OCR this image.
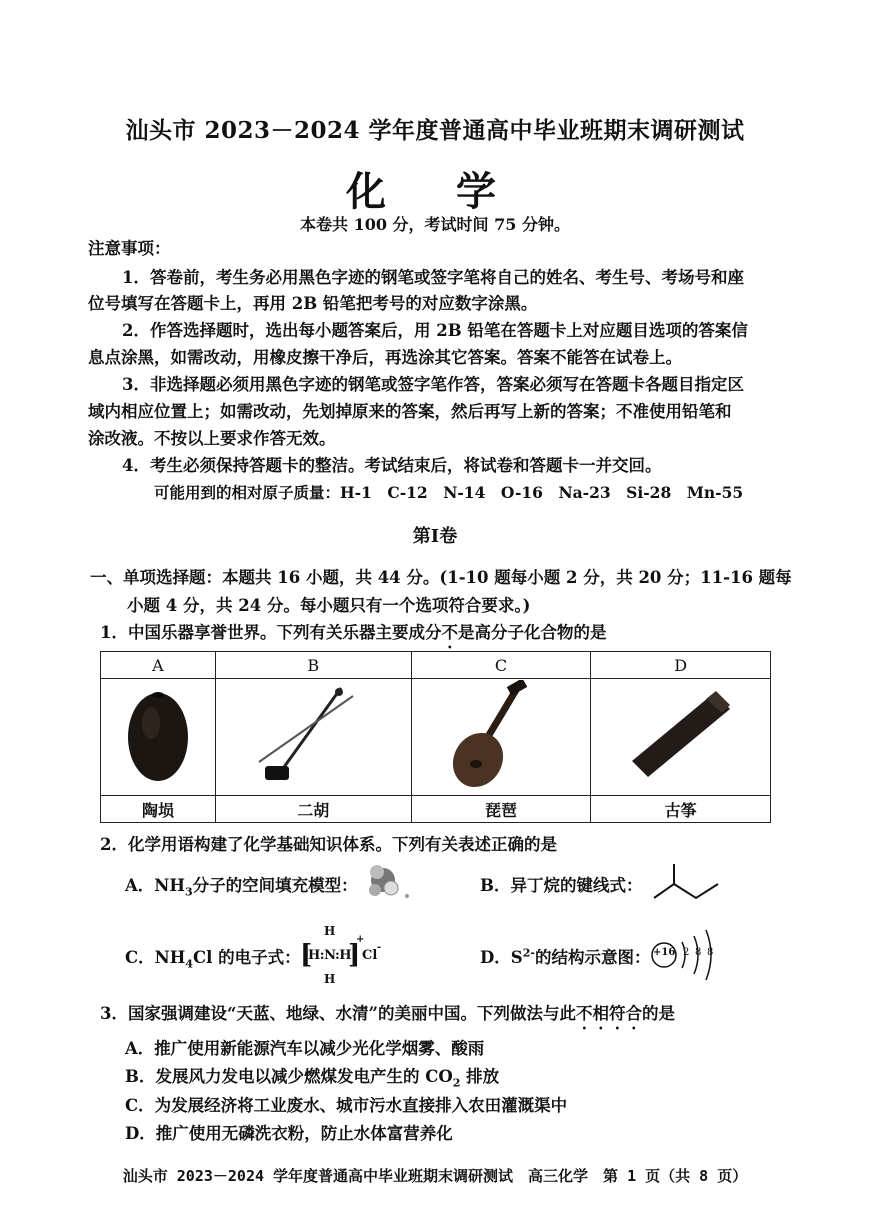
汕头市 2023－2024 学年度普通高中毕业班期末调研测试
化 学
本卷共 100 分，考试时间 75 分钟。
注意事项：
1．答卷前，考生务必用黑色字迹的钢笔或签字笔将自己的姓名、考生号、考场号和座
位号填写在答题卡上，再用 2B 铅笔把考号的对应数字涂黑。
2．作答选择题时，选出每小题答案后，用 2B 铅笔在答题卡上对应题目选项的答案信
息点涂黑，如需改动，用橡皮擦干净后，再选涂其它答案。答案不能答在试卷上。
3．非选择题必须用黑色字迹的钢笔或签字笔作答，答案必须写在答题卡各题目指定区
域内相应位置上；如需改动，先划掉原来的答案，然后再写上新的答案；不准使用铅笔和
涂改液。不按以上要求作答无效。
4．考生必须保持答题卡的整洁。考试结束后，将试卷和答题卡一并交回。
可能用到的相对原子质量：H-1　C-12　N-14　O-16　Na-23　Si-28　Mn-55
第Ⅰ卷
一、单项选择题：本题共 16 小题，共 44 分。(1-10 题每小题 2 分，共 20 分；11-16 题每
小题 4 分，共 24 分。每小题只有一个选项符合要求。)
1．中国乐器享誉世界。下列有关乐器主要成分不是高分子化合物的是
A	B	C	D

陶埙	二胡	琵琶	古筝
2．化学用语构建了化学基础知识体系。下列有关表述正确的是
A．$NH_3$分子的空间填充模型：	B．异丁烷的键线式：
C．$NH_4Cl$ 的电子式：
H
[
H:N:H
]
+
Cl
-
H
D．$S^{2-}$的结构示意图： +16 2 8 8
3．国家强调建设“天蓝、地绿、水清”的美丽中国。下列做法与此不相符合的是
A．推广使用新能源汽车以减少光化学烟雾、酸雨
B．发展风力发电以减少燃煤发电产生的 $CO_2$ 排放
C．为发展经济将工业废水、城市污水直接排入农田灌溉渠中
D．推广使用无磷洗衣粉，防止水体富营养化
汕头市 2023－2024 学年度普通高中毕业班期末调研测试　高三化学　第 1 页（共 8 页）
